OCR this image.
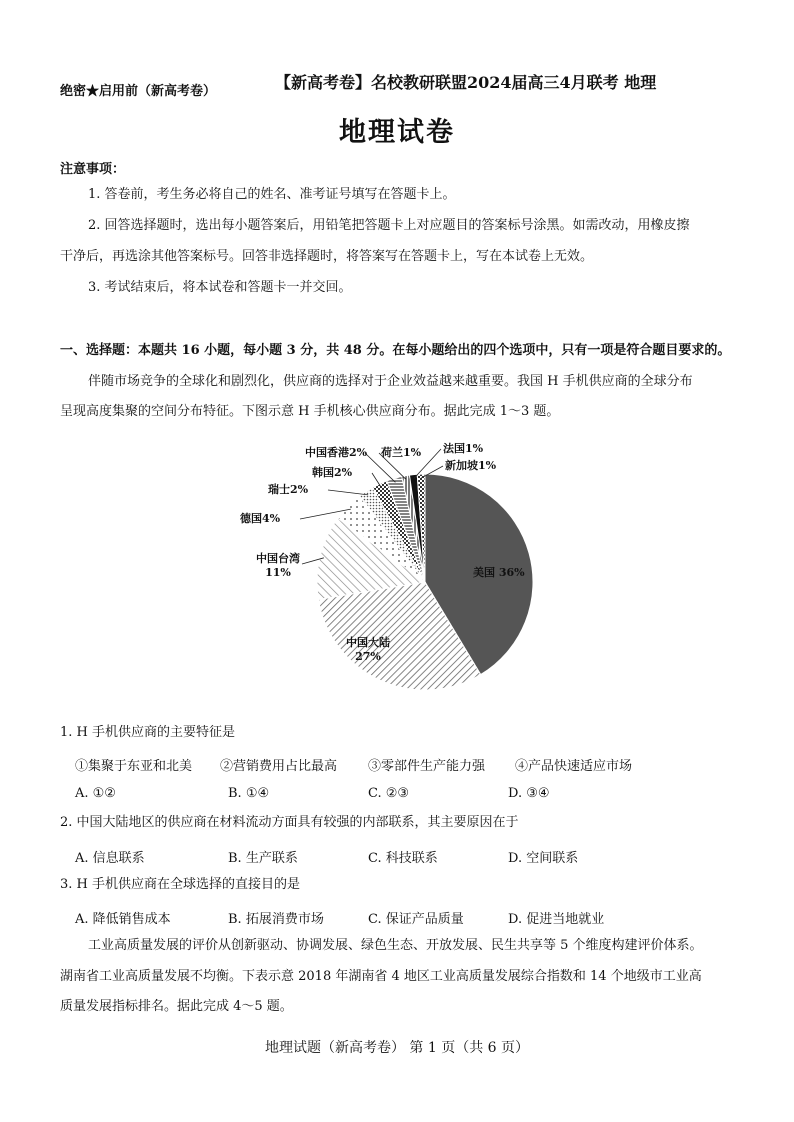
绝密★启用前（新高考卷）	【新高考卷】名校教研联盟2024届高三4月联考 地理
地理试卷
注意事项：
1. 答卷前，考生务必将自己的姓名、准考证号填写在答题卡上。
2. 回答选择题时，选出每小题答案后，用铅笔把答题卡上对应题目的答案标号涂黑。如需改动，用橡皮擦
干净后，再选涂其他答案标号。回答非选择题时，将答案写在答题卡上，写在本试卷上无效。
3. 考试结束后，将本试卷和答题卡一并交回。
一、选择题：本题共 16 小题，每小题 3 分，共 48 分。在每小题给出的四个选项中，只有一项是符合题目要求的。
伴随市场竞争的全球化和剧烈化，供应商的选择对于企业效益越来越重要。我国 H 手机供应商的全球分布
呈现高度集聚的空间分布特征。下图示意 H 手机核心供应商分布。据此完成 1～3 题。
美国 36%
中国大陆 27%
中国台湾 11%
德国4%
瑞士2%
韩国2%
中国香港2% 荷兰1% 法国1%
新加坡1%
1. H 手机供应商的主要特征是
①集聚于东亚和北美 ②营销费用占比最高 ③零部件生产能力强 ④产品快速适应市场
A. ①②	B. ①④	C. ②③	D. ③④
2. 中国大陆地区的供应商在材料流动方面具有较强的内部联系，其主要原因在于
A. 信息联系	B. 生产联系	C. 科技联系	D. 空间联系
3. H 手机供应商在全球选择的直接目的是
A. 降低销售成本	B. 拓展消费市场	C. 保证产品质量	D. 促进当地就业
工业高质量发展的评价从创新驱动、协调发展、绿色生态、开放发展、民生共享等 5 个维度构建评价体系。
湖南省工业高质量发展不均衡。下表示意 2018 年湖南省 4 地区工业高质量发展综合指数和 14 个地级市工业高
质量发展指标排名。据此完成 4～5 题。
地理试题（新高考卷） 第 1 页（共 6 页）
